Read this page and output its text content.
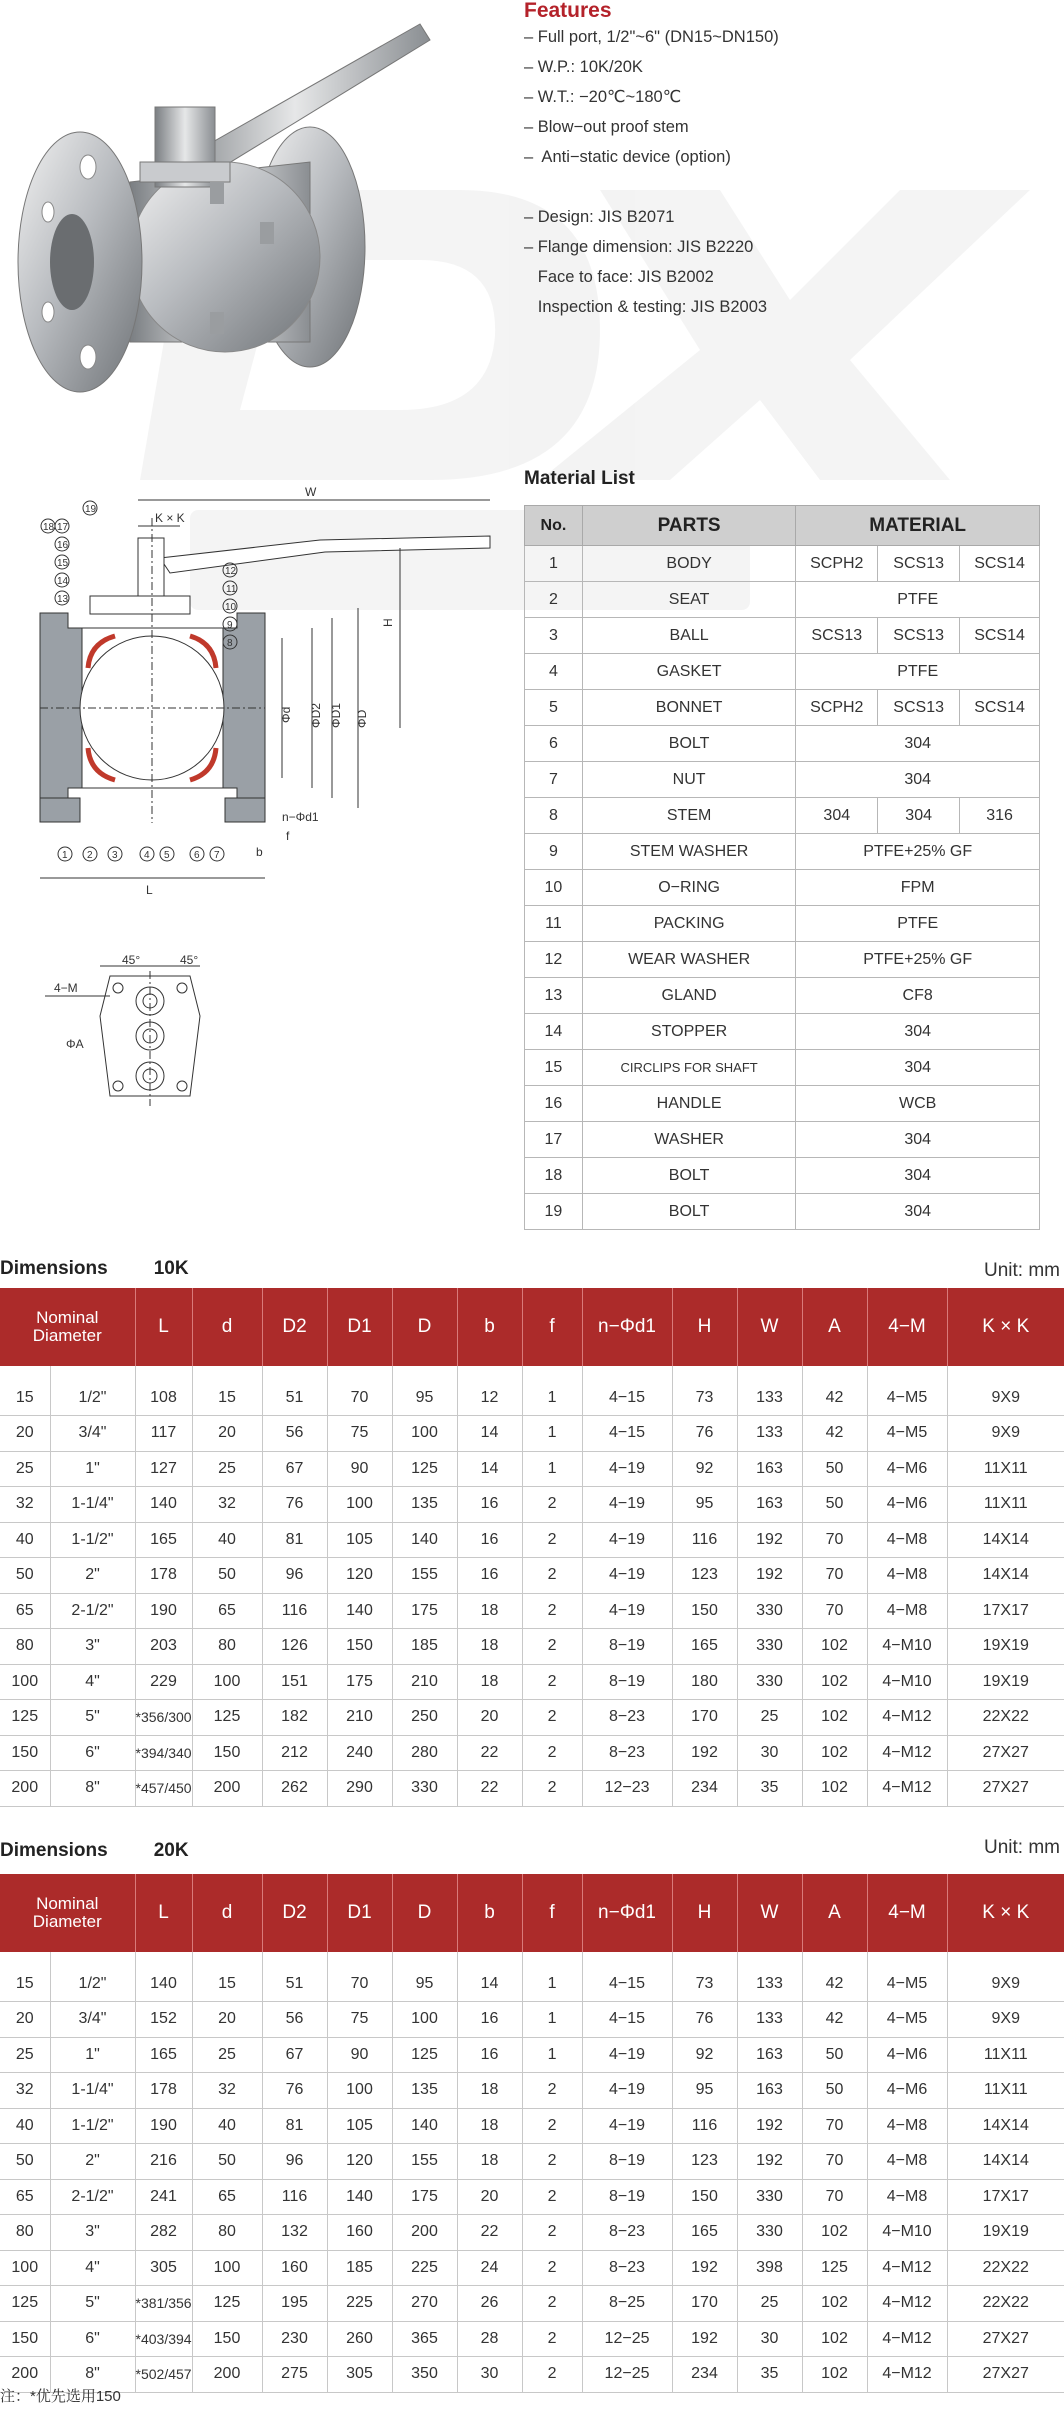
Features
– Full port, 1/2"~6" (DN15~DN150)
– W.P.: 10K/20K
– W.T.: −20℃~180℃
– Blow−out proof stem
–  Anti−static device (option)
– Design: JIS B2071
– Flange dimension: JIS B2220
Face to face: JIS B2002
Inspection & testing: JIS B2003
W
K × K
H
Φd ΦD2 ΦD1 ΦD
n−Φd1
f
b
L
19
18 17
16
15
14
13
12
11
10
9
8
1 2 3	4 5 6 7
45°	45°
4−M
ΦA
Material List
No.	PARTS	MATERIAL		
1	BODY	SCPH2	SCS13	SCS14
2	SEAT	PTFE		
3	BALL	SCS13	SCS13	SCS14
4	GASKET	PTFE		
5	BONNET	SCPH2	SCS13	SCS14
6	BOLT	304		
7	NUT	304		
8	STEM	304	304	316
9	STEM WASHER	PTFE+25% GF		
10	O−RING	FPM		
11	PACKING	PTFE		
12	WEAR WASHER	PTFE+25% GF		
13	GLAND	CF8		
14	STOPPER	304		
15	CIRCLIPS FOR SHAFT	304		
16	HANDLE	WCB		
17	WASHER	304		
18	BOLT	304		
19	BOLT	304		
Dimensions 10K	Unit: mm
Nominal Diameter		L	d	D2	D1	D	b	f	n−Φd1	H	W	A	4−M	K × K
15	1/2"	108	15	51	70	95	12	1	4−15	73	133	42	4−M5	9X9
20	3/4"	117	20	56	75	100	14	1	4−15	76	133	42	4−M5	9X9
25	1"	127	25	67	90	125	14	1	4−19	92	163	50	4−M6	11X11
32	1-1/4"	140	32	76	100	135	16	2	4−19	95	163	50	4−M6	11X11
40	1-1/2"	165	40	81	105	140	16	2	4−19	116	192	70	4−M8	14X14
50	2"	178	50	96	120	155	16	2	4−19	123	192	70	4−M8	14X14
65	2-1/2"	190	65	116	140	175	18	2	4−19	150	330	70	4−M8	17X17
80	3"	203	80	126	150	185	18	2	8−19	165	330	102	4−M10	19X19
100	4"	229	100	151	175	210	18	2	8−19	180	330	102	4−M10	19X19
125	5"	*356/300	125	182	210	250	20	2	8−23	170	25	102	4−M12	22X22
150	6"	*394/340	150	212	240	280	22	2	8−23	192	30	102	4−M12	27X27
200	8"	*457/450	200	262	290	330	22	2	12−23	234	35	102	4−M12	27X27
Dimensions 20K	Unit: mm
Nominal Diameter		L	d	D2	D1	D	b	f	n−Φd1	H	W	A	4−M	K × K
15	1/2"	140	15	51	70	95	14	1	4−15	73	133	42	4−M5	9X9
20	3/4"	152	20	56	75	100	16	1	4−15	76	133	42	4−M5	9X9
25	1"	165	25	67	90	125	16	1	4−19	92	163	50	4−M6	11X11
32	1-1/4"	178	32	76	100	135	18	2	4−19	95	163	50	4−M6	11X11
40	1-1/2"	190	40	81	105	140	18	2	4−19	116	192	70	4−M8	14X14
50	2"	216	50	96	120	155	18	2	8−19	123	192	70	4−M8	14X14
65	2-1/2"	241	65	116	140	175	20	2	8−19	150	330	70	4−M8	17X17
80	3"	282	80	132	160	200	22	2	8−23	165	330	102	4−M10	19X19
100	4"	305	100	160	185	225	24	2	8−23	192	398	125	4−M12	22X22
125	5"	*381/356	125	195	225	270	26	2	8−25	170	25	102	4−M12	22X22
150	6"	*403/394	150	230	260	365	28	2	12−25	192	30	102	4−M12	27X27
200	8"	*502/457	200	275	305	350	30	2	12−25	234	35	102	4−M12	27X27
注：*优先选用150
